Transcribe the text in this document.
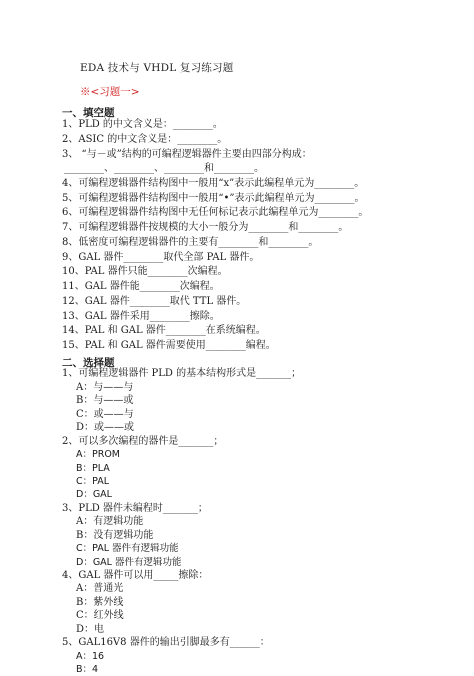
EDA 技术与 VHDL 复习练习题
※<习题一>
一、填空题
1、PLD 的中文含义是：________。
2、ASIC 的中文含义是：________。
3、 “与－或”结构的可编程逻辑器件主要由四部分构成：
________、________、________和________。
4、可编程逻辑器件结构图中一般用“x”表示此编程单元为________。
5、可编程逻辑器件结构图中一般用“•”表示此编程单元为________。
6、可编程逻辑器件结构图中无任何标记表示此编程单元为________。
7、可编程逻辑器件按规模的大小一般分为________和________。
8、低密度可编程逻辑器件的主要有________和________。
9、GAL 器件________取代全部 PAL 器件。
10、PAL 器件只能________次编程。
11、GAL 器件能________次编程。
12、GAL 器件________取代 TTL 器件。
13、GAL 器件采用________擦除。
14、PAL 和 GAL 器件________在系统编程。
15、PAL 和 GAL 器件需要使用________编程。
二、选择题
1、可编程逻辑器件 PLD 的基本结构形式是_______；
A：与——与
B：与——或
C：或——与
D：或——或
2、可以多次编程的器件是_______；
A：PROM
B：PLA
C：PAL
D：GAL
3、PLD 器件未编程时_______；
A：有逻辑功能
B：没有逻辑功能
C：PAL 器件有逻辑功能
D：GAL 器件有逻辑功能
4、GAL 器件可以用_____擦除：
A：普通光
B：紫外线
C：红外线
D：电
5、GAL16V8 器件的输出引脚最多有______：
A：16
B：4
